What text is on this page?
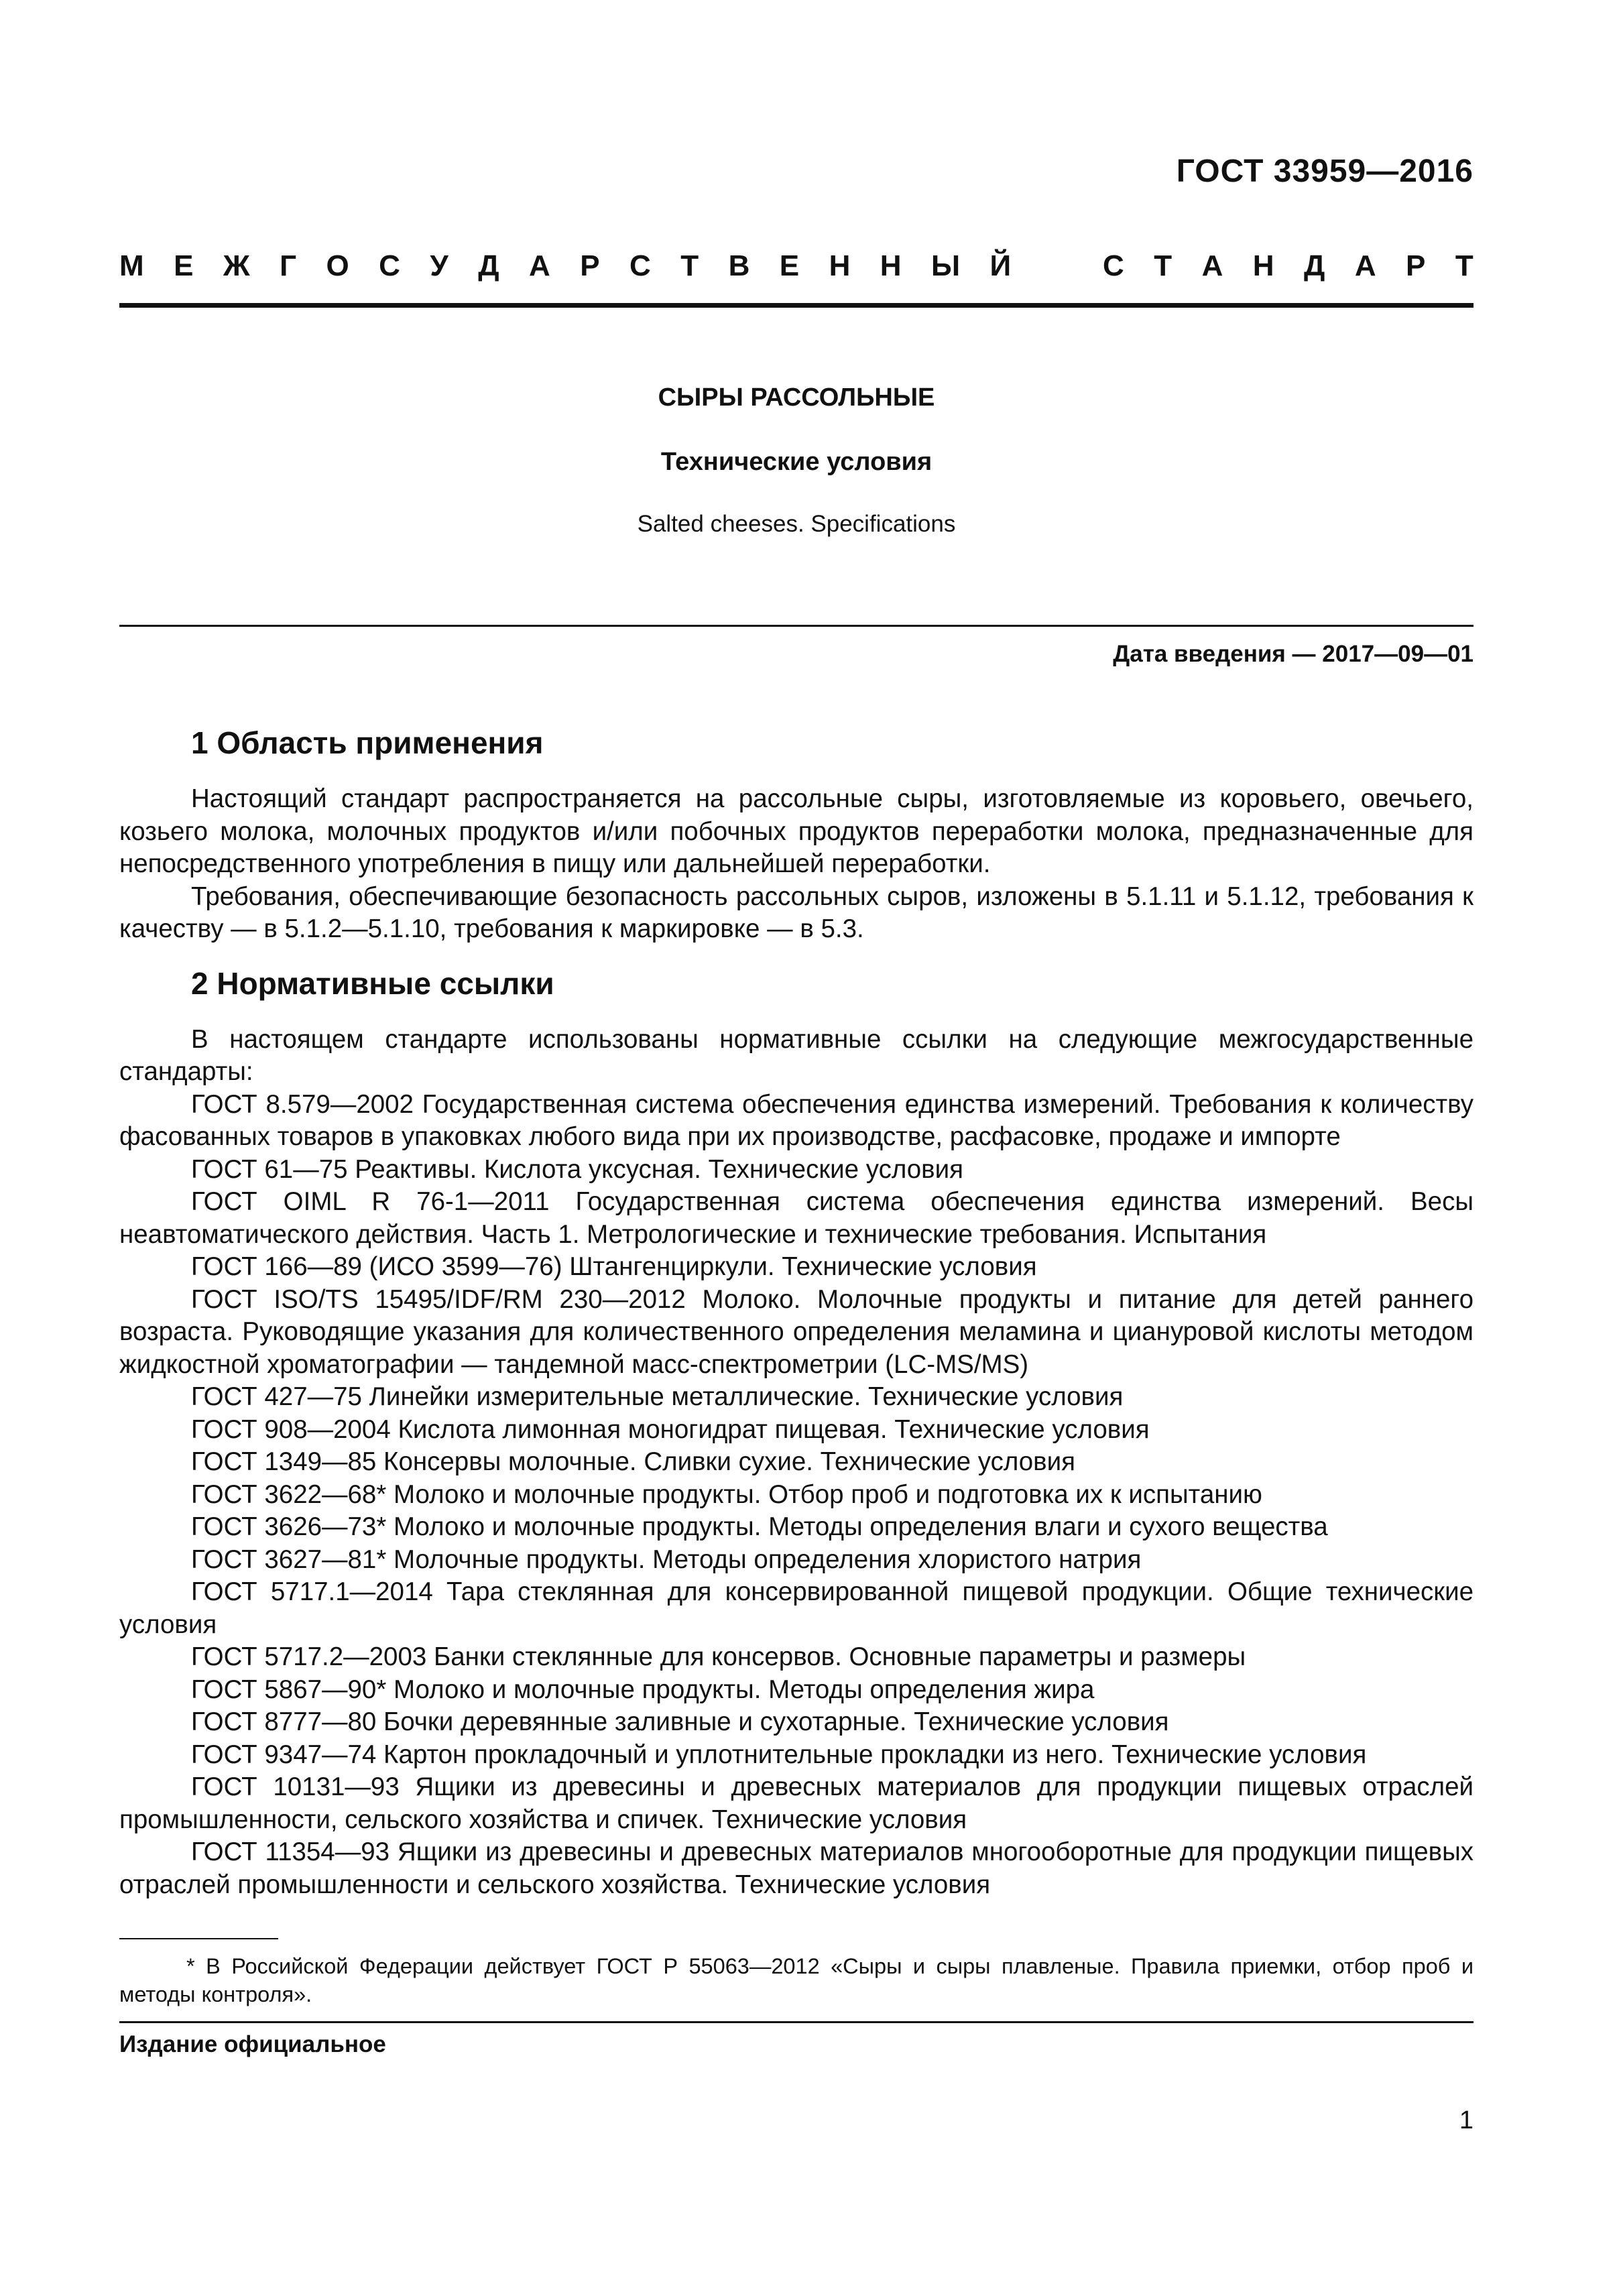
ГОСТ 33959—2016
М Е Ж Г О С У Д А Р С Т В Е Н Н Ы Й	С Т А Н Д А Р Т
СЫРЫ РАССОЛЬНЫЕ
Технические условия
Salted cheeses. Specifications
Дата введения — 2017—09—01
1 Область применения

Настоящий стандарт распространяется на рассольные сыры, изготовляемые из коровьего, овечьего, козьего молока, молочных продуктов и/или побочных продуктов переработки молока, предназначенные для непосредственного употребления в пищу или дальнейшей переработки.

Требования, обеспечивающие безопасность рассольных сыров, изложены в 5.1.11 и 5.1.12, требования к качеству — в 5.1.2—5.1.10, требования к маркировке — в 5.3.

2 Нормативные ссылки

В настоящем стандарте использованы нормативные ссылки на следующие межгосударственные стандарты:

ГОСТ 8.579—2002 Государственная система обеспечения единства измерений. Требования к количеству фасованных товаров в упаковках любого вида при их производстве, расфасовке, продаже и импорте

ГОСТ 61—75 Реактивы. Кислота уксусная. Технические условия

ГОСТ OIML R 76-1—2011 Государственная система обеспечения единства измерений. Весы неавтоматического действия. Часть 1. Метрологические и технические требования. Испытания

ГОСТ 166—89 (ИСО 3599—76) Штангенциркули. Технические условия

ГОСТ ISO/TS 15495/IDF/RM 230—2012 Молоко. Молочные продукты и питание для детей раннего возраста. Руководящие указания для количественного определения меламина и циануровой кислоты методом жидкостной хроматографии — тандемной масс-спектрометрии (LC-MS/MS)

ГОСТ 427—75 Линейки измерительные металлические. Технические условия

ГОСТ 908—2004 Кислота лимонная моногидрат пищевая. Технические условия

ГОСТ 1349—85 Консервы молочные. Сливки сухие. Технические условия

ГОСТ 3622—68* Молоко и молочные продукты. Отбор проб и подготовка их к испытанию

ГОСТ 3626—73* Молоко и молочные продукты. Методы определения влаги и сухого вещества

ГОСТ 3627—81* Молочные продукты. Методы определения хлористого натрия

ГОСТ 5717.1—2014 Тара стеклянная для консервированной пищевой продукции. Общие технические условия

ГОСТ 5717.2—2003 Банки стеклянные для консервов. Основные параметры и размеры

ГОСТ 5867—90* Молоко и молочные продукты. Методы определения жира

ГОСТ 8777—80 Бочки деревянные заливные и сухотарные. Технические условия

ГОСТ 9347—74 Картон прокладочный и уплотнительные прокладки из него. Технические условия

ГОСТ 10131—93 Ящики из древесины и древесных материалов для продукции пищевых отраслей промышленности, сельского хозяйства и спичек. Технические условия

ГОСТ 11354—93 Ящики из древесины и древесных материалов многооборотные для продукции пищевых отраслей промышленности и сельского хозяйства. Технические условия

* В Российской Федерации действует ГОСТ Р 55063—2012 «Сыры и сыры плавленые. Правила приемки, отбор проб и методы контроля».
Издание официальное
1
